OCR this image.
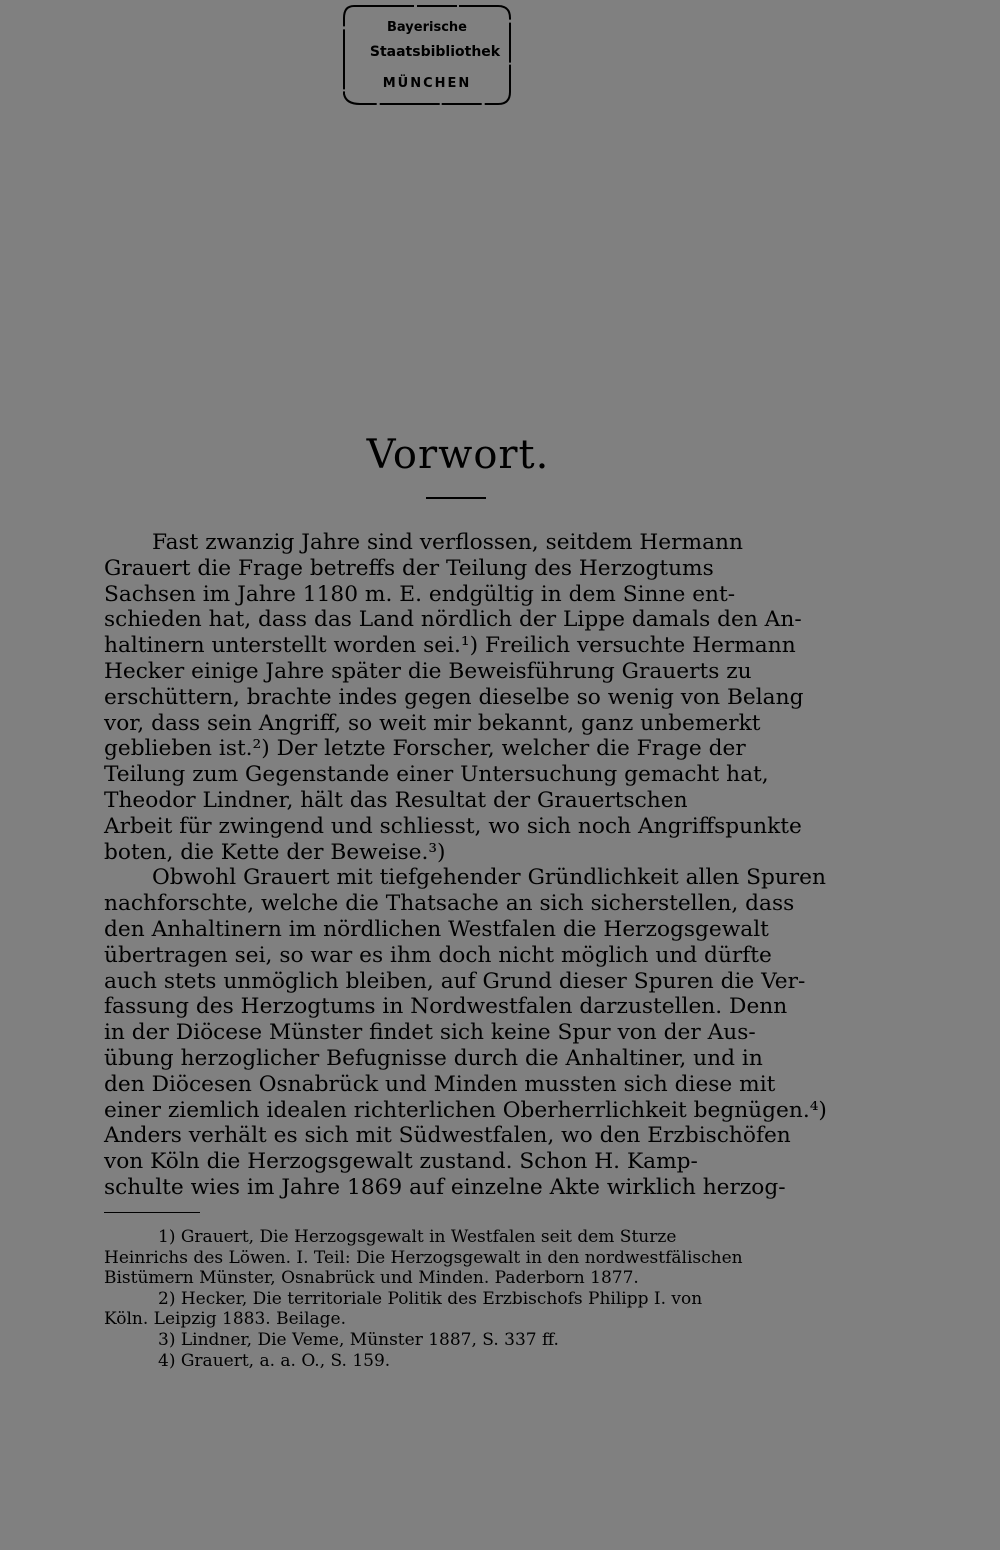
Bayerische
Staatsbibliothek
MÜNCHEN
Vorwort.
Fast zwanzig Jahre sind verflossen, seitdem Hermann
Grauert die Frage betreffs der Teilung des Herzogtums
Sachsen im Jahre 1180 m. E. endgültig in dem Sinne ent-
schieden hat, dass das Land nördlich der Lippe damals den An-
haltinern unterstellt worden sei.¹) Freilich versuchte Hermann
Hecker einige Jahre später die Beweisführung Grauerts zu
erschüttern, brachte indes gegen dieselbe so wenig von Belang
vor, dass sein Angriff, so weit mir bekannt, ganz unbemerkt
geblieben ist.²) Der letzte Forscher, welcher die Frage der
Teilung zum Gegenstande einer Untersuchung gemacht hat,
Theodor Lindner, hält das Resultat der Grauertschen
Arbeit für zwingend und schliesst, wo sich noch Angriffspunkte
boten, die Kette der Beweise.³)
Obwohl Grauert mit tiefgehender Gründlichkeit allen Spuren
nachforschte, welche die Thatsache an sich sicherstellen, dass
den Anhaltinern im nördlichen Westfalen die Herzogsgewalt
übertragen sei, so war es ihm doch nicht möglich und dürfte
auch stets unmöglich bleiben, auf Grund dieser Spuren die Ver-
fassung des Herzogtums in Nordwestfalen darzustellen. Denn
in der Diöcese Münster findet sich keine Spur von der Aus-
übung herzoglicher Befugnisse durch die Anhaltiner, und in
den Diöcesen Osnabrück und Minden mussten sich diese mit
einer ziemlich idealen richterlichen Oberherrlichkeit begnügen.⁴)
Anders verhält es sich mit Südwestfalen, wo den Erzbischöfen
von Köln die Herzogsgewalt zustand. Schon H. Kamp-
schulte wies im Jahre 1869 auf einzelne Akte wirklich herzog-
1) Grauert, Die Herzogsgewalt in Westfalen seit dem Sturze
Heinrichs des Löwen. I. Teil: Die Herzogsgewalt in den nordwestfälischen
Bistümern Münster, Osnabrück und Minden. Paderborn 1877.
2) Hecker, Die territoriale Politik des Erzbischofs Philipp I. von
Köln. Leipzig 1883. Beilage.
3) Lindner, Die Veme, Münster 1887, S. 337 ff.
4) Grauert, a. a. O., S. 159.
